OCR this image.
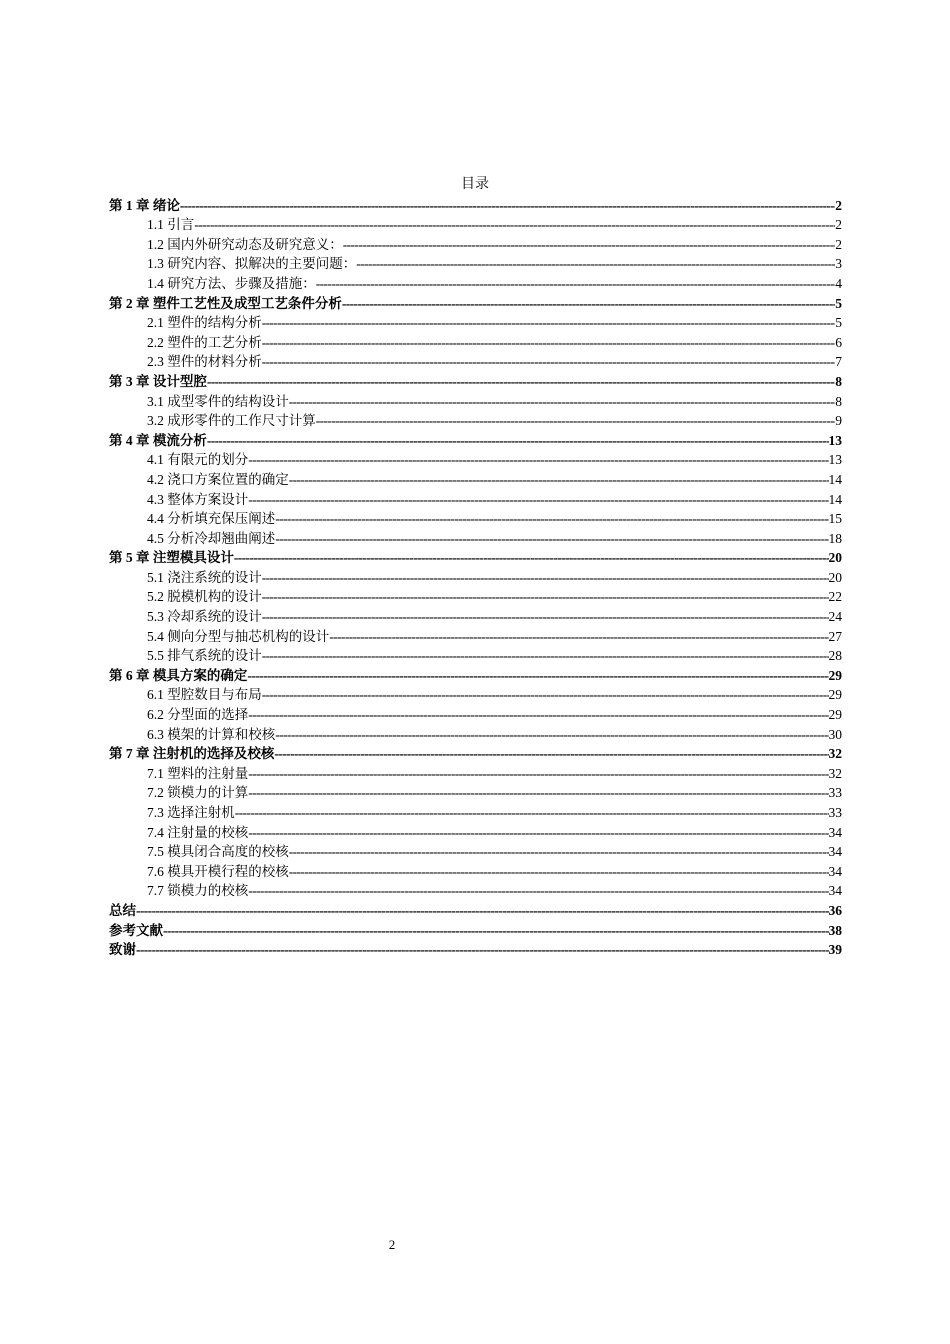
目录
第 1 章 绪论 -----	2
1.1 引言 -----	2
1.2 国内外研究动态及研究意义： -----	2
1.3 研究内容、拟解决的主要问题： -----	3
1.4 研究方法、步骤及措施： -----	4
第 2 章 塑件工艺性及成型工艺条件分析 -----	5
2.1 塑件的结构分析 -----	5
2.2 塑件的工艺分析 -----	6
2.3 塑件的材料分析 -----	7
第 3 章 设计型腔 -----	8
3.1 成型零件的结构设计 -----	8
3.2 成形零件的工作尺寸计算 -----	9
第 4 章 模流分析 -----	13
4.1 有限元的划分 -----	13
4.2 浇口方案位置的确定 -----	14
4.3 整体方案设计 -----	14
4.4 分析填充保压阐述 -----	15
4.5 分析冷却翘曲阐述 -----	18
第 5 章 注塑模具设计 -----	20
5.1 浇注系统的设计 -----	20
5.2 脱模机构的设计 -----	22
5.3 冷却系统的设计 -----	24
5.4 侧向分型与抽芯机构的设计 -----	27
5.5 排气系统的设计 -----	28
第 6 章 模具方案的确定 -----	29
6.1 型腔数目与布局 -----	29
6.2 分型面的选择 -----	29
6.3 模架的计算和校核 -----	30
第 7 章 注射机的选择及校核 -----	32
7.1 塑料的注射量 -----	32
7.2 锁模力的计算 -----	33
7.3 选择注射机 -----	33
7.4 注射量的校核 -----	34
7.5 模具闭合高度的校核 -----	34
7.6 模具开模行程的校核 -----	34
7.7 锁模力的校核 -----	34
总结 -----	36
参考文献 -----	38
致谢 -----	39
2
